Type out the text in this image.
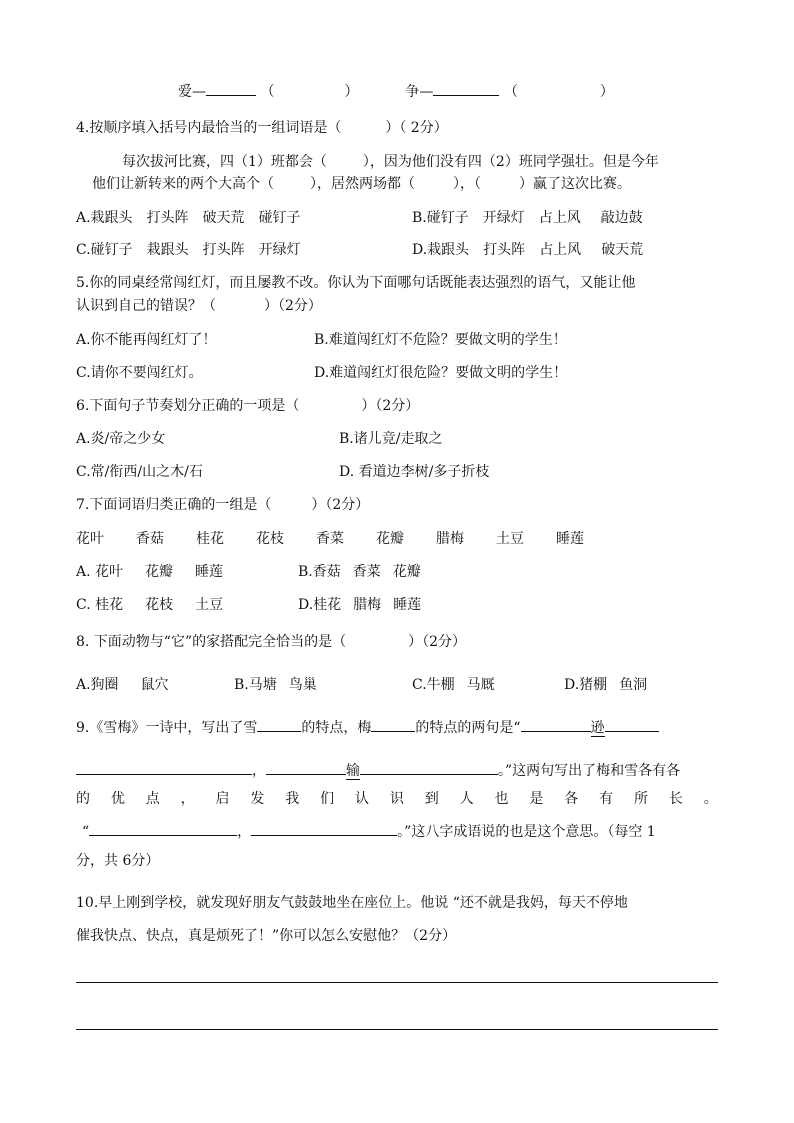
爱—	（	）	争—	（	）
4.按顺序填入括号内最恰当的一组词语是（	）（ 2分）
每次拔河比赛，四（1）班都会（	），因为他们没有四（2）班同学强壮。但是今年
他们让新转来的两个大高个（	），居然两场都（	），（	）赢了这次比赛。
A.栽跟头 打头阵 破天荒 碰钉子	B.碰钉子 开绿灯 占上风 敲边鼓
C.碰钉子 栽跟头 打头阵 开绿灯	D.栽跟头 打头阵 占上风 破天荒
5.你的同桌经常闯红灯，而且屡教不改。你认为下面哪句话既能表达强烈的语气，又能让他
认识到自己的错误？（	）（2分）
A.你不能再闯红灯了！	B.难道闯红灯不危险？要做文明的学生！
C.请你不要闯红灯。	D.难道闯红灯很危险？要做文明的学生！
6.下面句子节奏划分正确的一项是（	）（2分）
A.炎/帝之少女	B.诸儿竞/走取之
C.常/衔西/山之木/石	D. 看道边李树/多子折枝
7.下面词语归类正确的一组是（	）（2分）
花叶 香菇 桂花 花枝 香菜 花瓣 腊梅 土豆 睡莲
A. 花叶 花瓣 睡莲	B.香菇 香菜 花瓣
C. 桂花 花枝 土豆	D.桂花 腊梅 睡莲
8. 下面动物与“它”的家搭配完全恰当的是（	）（2分）
A.狗圈 鼠穴	B.马塘 鸟巢	C.牛棚 马厩	D.猪棚 鱼洞
9.《雪梅》一诗中，写出了雪	的特点，梅	的特点的两句是“	逊
，	输	。”这两句写出了梅和雪各有各
的 优 点 ， 启 发 我 们 认 识 到 人 也 是 各 有 所 长 。
“	，	。”这八字成语说的也是这个意思。（每空 1
分，共 6分）
10.早上刚到学校，就发现好朋友气鼓鼓地坐在座位上。他说 “还不就是我妈，每天不停地
催我快点、快点，真是烦死了！”你可以怎么安慰他？（2分）
